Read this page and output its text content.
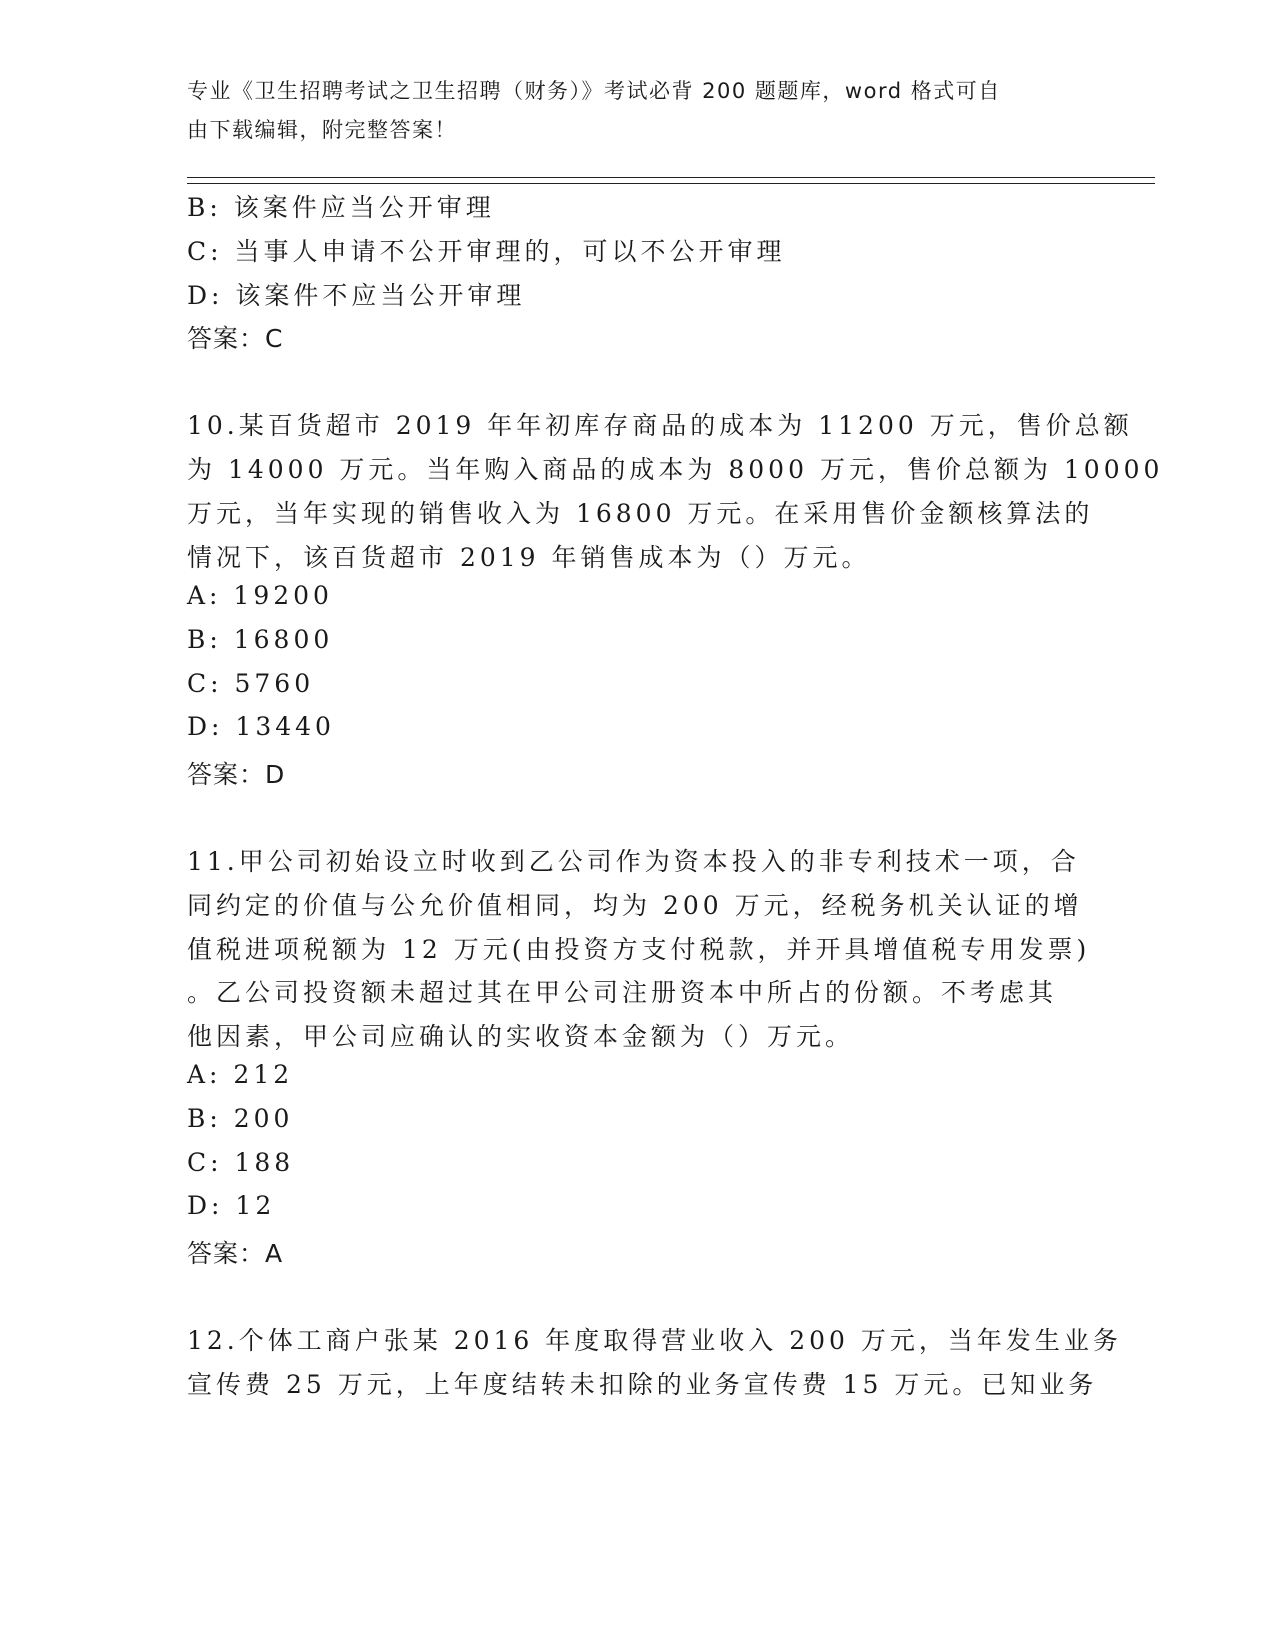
专业《卫生招聘考试之卫生招聘（财务）》考试必背 200 题题库，word 格式可自
由下载编辑，附完整答案！
B: 该案件应当公开审理
C: 当事人申请不公开审理的，可以不公开审理
D: 该案件不应当公开审理
答案：C
10.某百货超市 2019 年年初库存商品的成本为 11200 万元，售价总额
为 14000 万元。当年购入商品的成本为 8000 万元，售价总额为 10000
万元，当年实现的销售收入为 16800 万元。在采用售价金额核算法的
情况下，该百货超市 2019 年销售成本为（）万元。
A: 19200
B: 16800
C: 5760
D: 13440
答案：D
11.甲公司初始设立时收到乙公司作为资本投入的非专利技术一项，合
同约定的价值与公允价值相同，均为 200 万元，经税务机关认证的增
值税进项税额为 12 万元(由投资方支付税款，并开具增值税专用发票)
。乙公司投资额未超过其在甲公司注册资本中所占的份额。不考虑其
他因素，甲公司应确认的实收资本金额为（）万元。
A: 212
B: 200
C: 188
D: 12
答案：A
12.个体工商户张某 2016 年度取得营业收入 200 万元，当年发生业务
宣传费 25 万元，上年度结转未扣除的业务宣传费 15 万元。已知业务
